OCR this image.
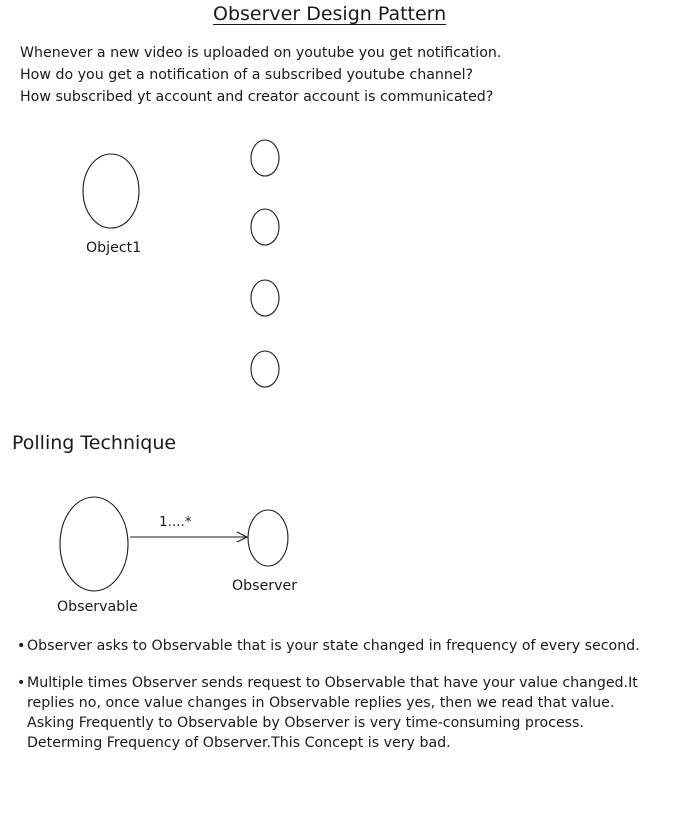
Observer Design Pattern
Whenever a new video is uploaded on youtube you get notification.
How do you get a notification of a subscribed youtube channel?
How subscribed yt account and creator account is communicated?
Object1
1....*
Observer
Observable
Polling Technique
• Observer asks to Observable that is your state changed in frequency of every second.
• Multiple times Observer sends request to Observable that have your value changed.It replies no, once value changes in Observable replies yes, then we read that value.
Asking Frequently to Observable by Observer is very time-consuming process.
Determing Frequency of Observer.This Concept is very bad.
